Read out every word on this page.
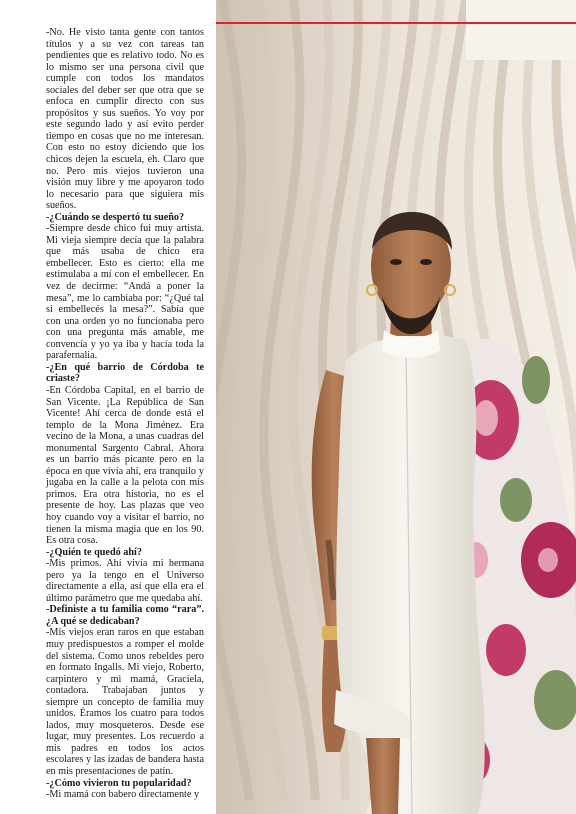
-No. He visto tanta gente con tantos títulos y a su vez con tareas tan pendientes que es relativo todo. No es lo mismo ser una persona civil que cumple con todos los mandatos sociales del deber ser que otra que se enfoca en cumplir directo con sus propósitos y sus sueños. Yo voy por este segundo lado y así evito perder tiempo en cosas que no me interesan. Con esto no estoy diciendo que los chicos dejen la escuela, eh. Claro que no. Pero mis viejos tuvieron una visión muy libre y me apoyaron todo lo necesario para que siguiera mis sueños.

-¿Cuándo se despertó tu sueño?

-Siempre desde chico fui muy artista. Mi vieja siempre decía que la palabra que más usaba de chico era embellecer. Esto es cierto: ella me estimulaba a mí con el embellecer. En vez de decirme: “Andá a poner la mesa”, me lo cambiaba por: “¿Qué tal si embellecés la mesa?”. Sabía que con una orden yo no funcionaba pero con una pregunta más amable, me convencía y yo ya iba y hacía toda la parafernalia.

-¿En qué barrio de Córdoba te criaste?

-En Córdoba Capital, en el barrio de San Vicente. ¡La República de San Vicente! Ahí cerca de donde está el templo de la Mona Jiménez. Era vecino de la Mona, a unas cuadras del monumental Sargento Cabral. Ahora es un barrio más picante pero en la época en que vivía ahí, era tranquilo y jugaba en la calle a la pelota con mis primos. Era otra historia, no es el presente de hoy. Las plazas que veo hoy cuando voy a visitar el barrio, no tienen la misma magia que en los 90. Es otra cosa.

-¿Quién te quedó ahí?

-Mis primos. Ahí vivía mi hermana pero ya la tengo en el Universo directamente a ella, así que ella era el último parámetro que me quedaba ahí.

-Definiste a tu familia como “rara”. ¿A qué se dedicaban?

-Mis viejos eran raros en que estaban muy predispuestos a romper el molde del sistema. Como unos rebeldes pero en formato Ingalls. Mi viejo, Roberto, carpintero y mi mamá, Graciela, contadora. Trabajaban juntos y siempre un concepto de familia muy unidos. Éramos los cuatro para todos lados, muy mosqueteros. Desde ese lugar, muy presentes. Los recuerdo a mis padres en todos los actos escolares y las izadas de bandera hasta en mis presentaciones de patín.

-¿Cómo vivieron tu popularidad?

-Mi mamá con babero directamente y
